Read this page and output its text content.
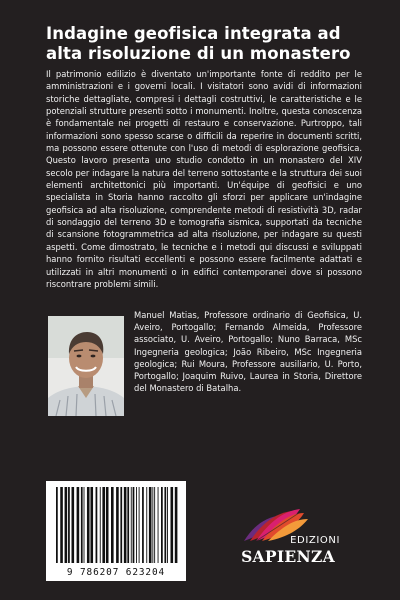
Indagine geofisica integrata ad alta risoluzione di un monastero

Il patrimonio edilizio è diventato un'importante fonte di reddito per le amministrazioni e i governi locali. I visitatori sono avidi di informazioni storiche dettagliate, compresi i dettagli costruttivi, le caratteristiche e le potenziali strutture presenti sotto i monumenti. Inoltre, questa conoscenza è fondamentale nei progetti di restauro e conservazione. Purtroppo, tali informazioni sono spesso scarse o difficili da reperire in documenti scritti, ma possono essere ottenute con l'uso di metodi di esplorazione geofisica. Questo lavoro presenta uno studio condotto in un monastero del XIV secolo per indagare la natura del terreno sottostante e la struttura dei suoi elementi architettonici più importanti. Un'équipe di geofisici e uno specialista in Storia hanno raccolto gli sforzi per applicare un'indagine geofisica ad alta risoluzione, comprendente metodi di resistività 3D, radar di sondaggio del terreno 3D e tomografia sismica, supportati da tecniche di scansione fotogrammetrica ad alta risoluzione, per indagare su questi aspetti. Come dimostrato, le tecniche e i metodi qui discussi e sviluppati hanno fornito risultati eccellenti e possono essere facilmente adattati e utilizzati in altri monumenti o in edifici contemporanei dove si possono riscontrare problemi simili.

Manuel Matias, Professore ordinario di Geofisica, U. Aveiro, Portogallo; Fernando Almeida, Professore associato, U. Aveiro, Portogallo; Nuno Barraca, MSc Ingegneria geologica; João Ribeiro, MSc Ingegneria geologica; Rui Moura, Professore ausiliario, U. Porto, Portogallo; Joaquim Ruivo, Laurea in Storia, Direttore del Monastero di Batalha.

9 786207 623204
EDIZIONI
SAPIENZA
